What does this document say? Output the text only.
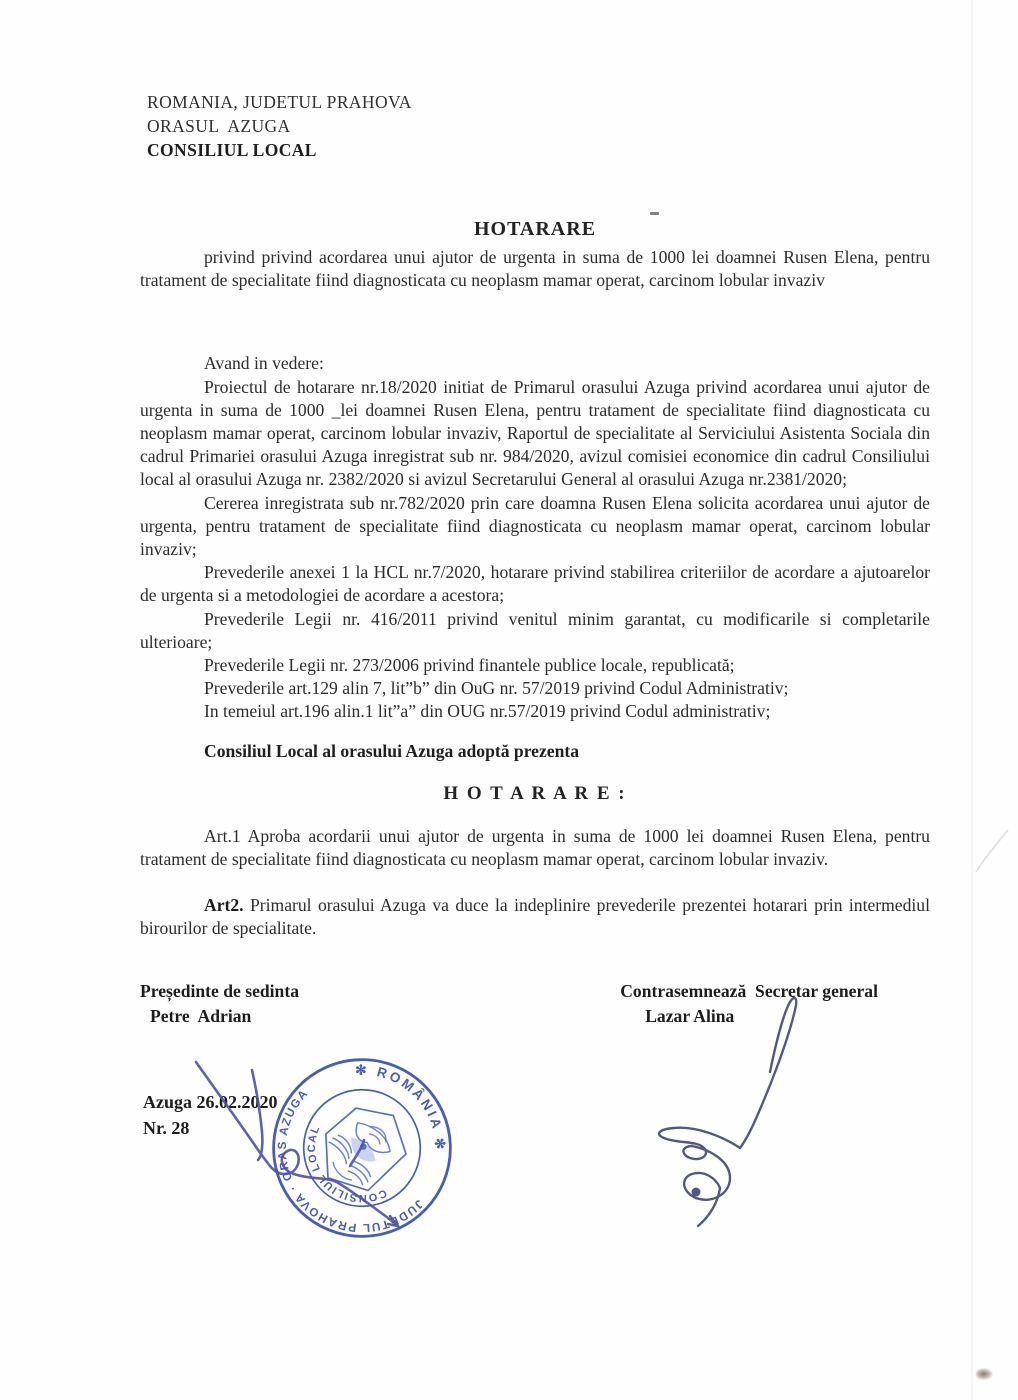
ROMANIA, JUDETUL PRAHOVA
ORASUL  AZUGA
CONSILIUL LOCAL
HOTARARE

privind privind acordarea unui ajutor de urgenta in suma de 1000 lei doamnei Rusen Elena, pentru tratament de specialitate fiind diagnosticata cu neoplasm mamar operat, carcinom lobular invaziv

Avand in vedere:

Proiectul de hotarare nr.18/2020 initiat de Primarul orasului Azuga privind acordarea unui ajutor de urgenta in suma de 1000 _lei doamnei Rusen Elena, pentru tratament de specialitate fiind diagnosticata cu neoplasm mamar operat, carcinom lobular invaziv, Raportul de specialitate al Serviciului Asistenta Sociala din cadrul Primariei orasului Azuga inregistrat sub nr. 984/2020, avizul comisiei economice din cadrul Consiliului local al orasului Azuga nr. 2382/2020 si avizul Secretarului General al orasului Azuga nr.2381/2020;

Cererea inregistrata sub nr.782/2020 prin care doamna Rusen Elena solicita acordarea unui ajutor de urgenta, pentru tratament de specialitate fiind diagnosticata cu neoplasm mamar operat, carcinom lobular invaziv;

Prevederile anexei 1 la HCL nr.7/2020, hotarare privind stabilirea criteriilor de acordare a ajutoarelor de urgenta si a metodologiei de acordare a acestora;

Prevederile Legii nr. 416/2011 privind venitul minim garantat, cu modificarile si completarile ulterioare;

Prevederile Legii nr. 273/2006 privind finantele publice locale, republicată;

Prevederile art.129 alin 7, lit”b” din OuG nr. 57/2019 privind Codul Administrativ;

In temeiul art.196 alin.1 lit”a” din OUG nr.57/2019 privind Codul administrativ;

Consiliul Local al orasului Azuga adoptă prezenta
H O T A R A R E :

Art.1 Aproba acordarii unui ajutor de urgenta in suma de 1000 lei doamnei Rusen Elena, pentru tratament de specialitate fiind diagnosticata cu neoplasm mamar operat, carcinom lobular invaziv.

Art2. Primarul orasului Azuga va duce la indeplinire prevederile prezentei hotarari prin intermediul birourilor de specialitate.

Președinte de sedinta
Petre  Adrian
Contrasemnează  Secretar general
Lazar Alina
Azuga 26.02.2020
Nr. 28
✻ ROMÂNIA ✻
JUDETUL PRAHOVA · ORAS AZUGA
CONSILIUL LOCAL
